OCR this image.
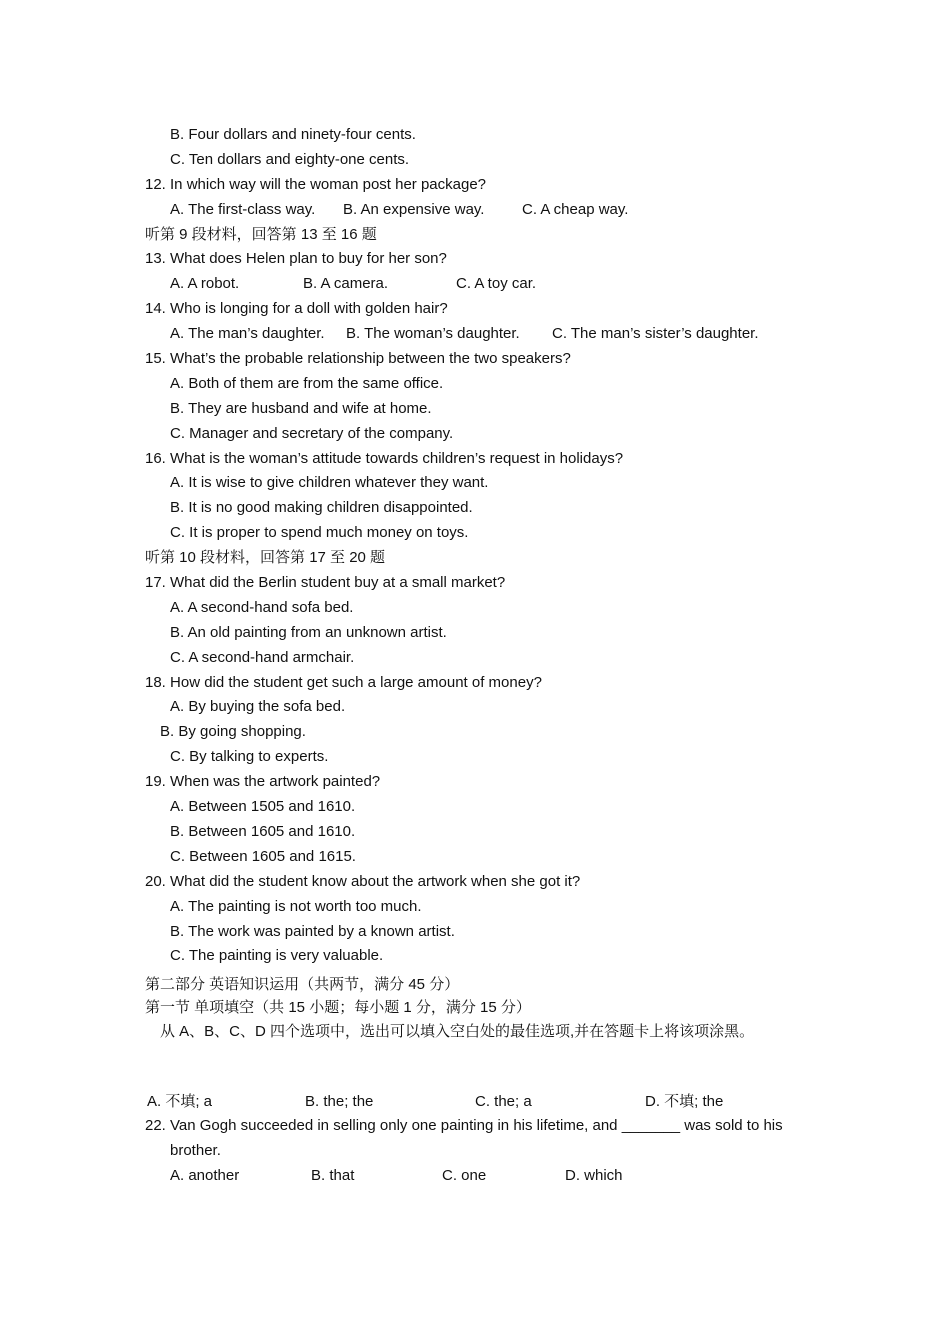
B. Four dollars and ninety-four cents.
C. Ten dollars and eighty-one cents.
12. In which way will the woman post her package?
A. The first-class way. B. An expensive way.	C. A cheap way.
听第 9 段材料，回答第 13 至 16 题
13. What does Helen plan to buy for her son?
A. A robot.	B. A camera.	C. A toy car.
14. Who is longing for a doll with golden hair?
A. The man’s daughter. B. The woman’s daughter. C. The man’s sister’s daughter.
15. What’s the probable relationship between the two speakers?
A. Both of them are from the same office.
B. They are husband and wife at home.
C. Manager and secretary of the company.
16. What is the woman’s attitude towards children’s request in holidays?
A. It is wise to give children whatever they want.
B. It is no good making children disappointed.
C. It is proper to spend much money on toys.
听第 10 段材料，回答第 17 至 20 题
17. What did the Berlin student buy at a small market?
A. A second-hand sofa bed.
B. An old painting from an unknown artist.
C. A second-hand armchair.
18. How did the student get such a large amount of money?
A. By buying the sofa bed.
B. By going shopping.
C. By talking to experts.
19. When was the artwork painted?
A. Between 1505 and 1610.
B. Between 1605 and 1610.
C. Between 1605 and 1615.
20. What did the student know about the artwork when she got it?
A. The painting is not worth too much.
B. The work was painted by a known artist.
C. The painting is very valuable.
第二部分 英语知识运用（共两节，满分 45 分）
第一节 单项填空（共 15 小题；每小题 1 分，满分 15 分）
从 A、B、C、D 四个选项中，选出可以填入空白处的最佳选项,并在答题卡上将该项涂黑。
A. 不填; a	B. the; the	C. the; a	D. 不填; the
22. Van Gogh succeeded in selling only one painting in his lifetime, and _______ was sold to his
brother.
A. another	B. that	C. one	D. which
